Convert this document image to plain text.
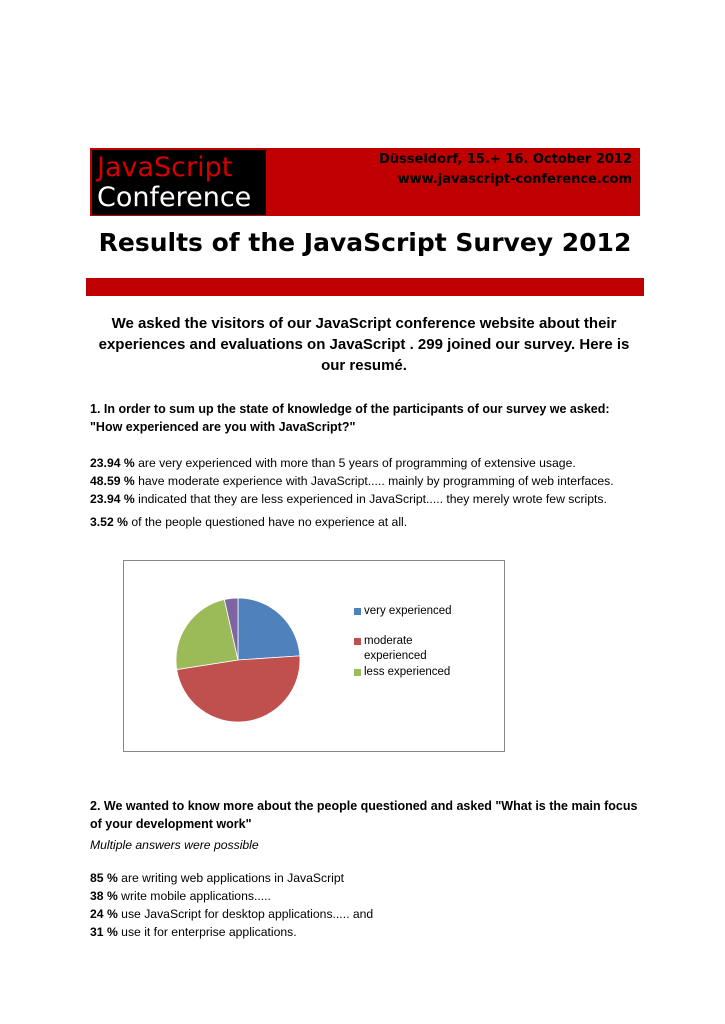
Düsseldorf, 15.+ 16. October 2012
www.javascript-conference.com
JavaScript
Conference
Results of the JavaScript Survey 2012
We asked the visitors of our JavaScript conference website about their experiences and evaluations on JavaScript . 299 joined our survey. Here is our resumé.
1. In order to sum up the state of knowledge of the participants of our survey we asked: "How experienced are you with JavaScript?"
23.94 % are very experienced with more than 5 years of programming of extensive usage.
48.59 % have moderate experience with JavaScript..... mainly by programming of web interfaces.
23.94 % indicated that they are less experienced in JavaScript..... they merely wrote few scripts.
3.52 % of the people questioned have no experience at all.
very experienced
moderate experienced
less experienced
2. We wanted to know more about the people questioned and asked "What is the main focus of your development work"
Multiple answers were possible
85 % are writing web applications in JavaScript
38 % write mobile applications.....
24 % use JavaScript for desktop applications..... and
31 % use it for enterprise applications.
